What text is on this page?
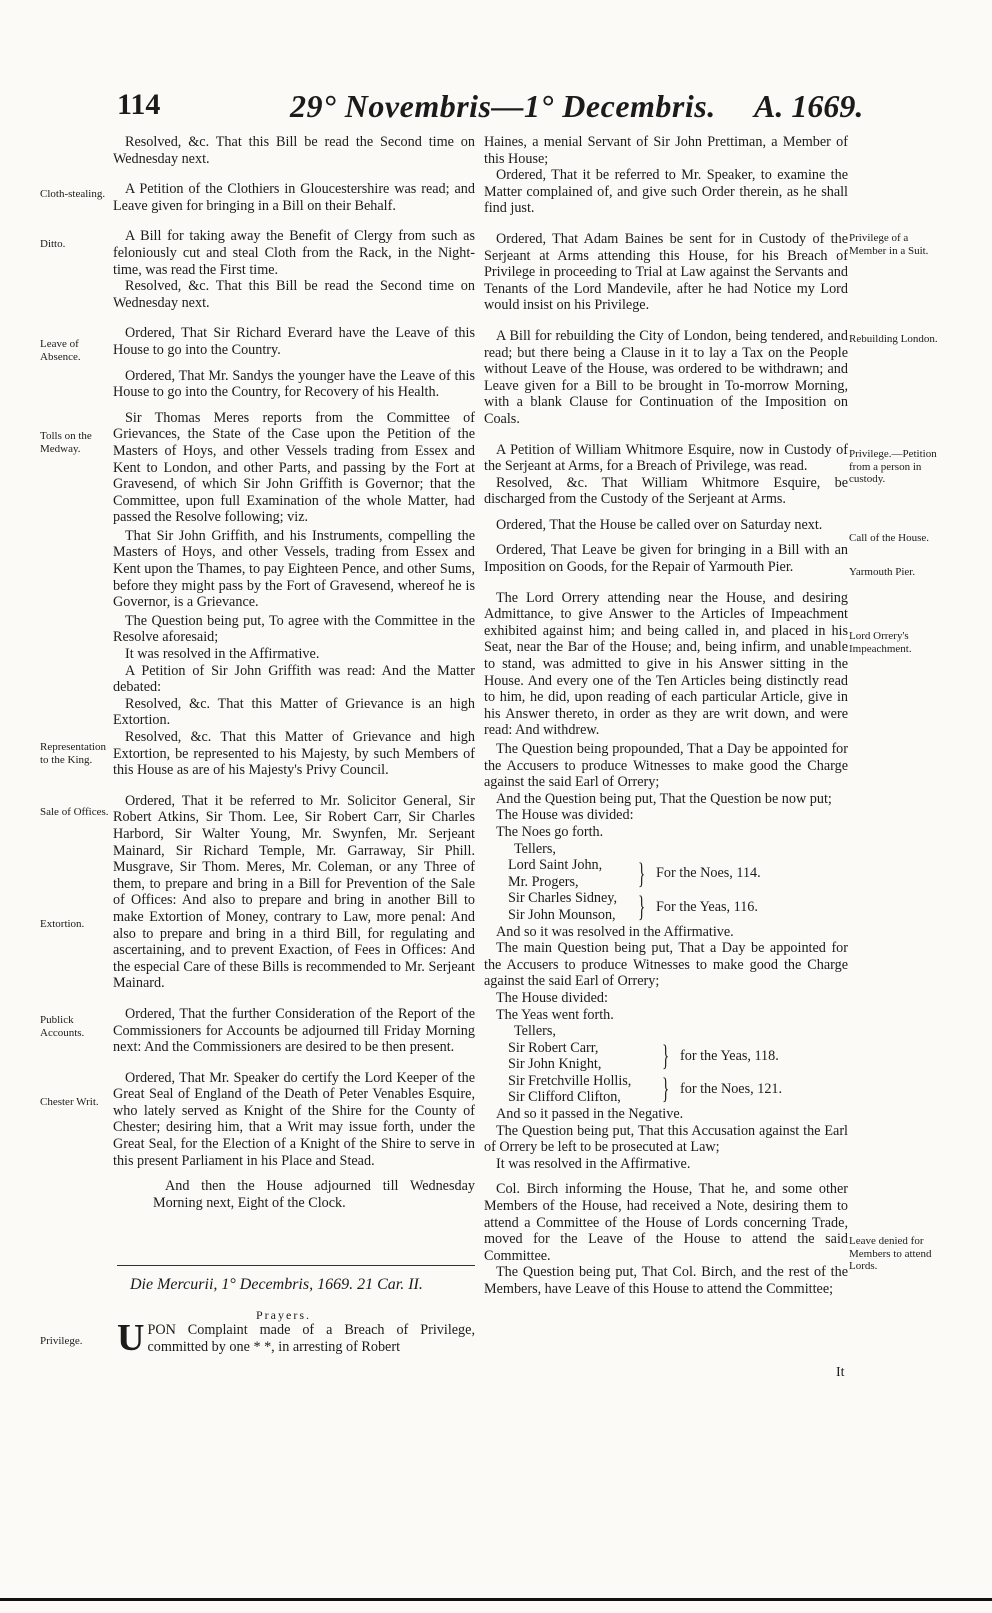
114	29° Novembris—1° Decembris. A. 1669.
Cloth-stealing.
Ditto.
Leave of Absence.
Tolls on the Medway.
Representation to the King.
Sale of Offices.
Extortion.
Publick Accounts.
Chester Writ.
Privilege.
Privilege of a Member in a Suit.
Rebuilding London.
Privilege.—Petition from a person in custody.
Call of the House.
Yarmouth Pier.
Lord Orrery's Impeachment.
Leave denied for Members to attend Lords.

Resolved, &c. That this Bill be read the Second time on Wednesday next.

A Petition of the Clothiers in Gloucestershire was read; and Leave given for bringing in a Bill on their Behalf.

A Bill for taking away the Benefit of Clergy from such as feloniously cut and steal Cloth from the Rack, in the Night-time, was read the First time.

Resolved, &c. That this Bill be read the Second time on Wednesday next.

Ordered, That Sir Richard Everard have the Leave of this House to go into the Country.

Ordered, That Mr. Sandys the younger have the Leave of this House to go into the Country, for Recovery of his Health.

Sir Thomas Meres reports from the Committee of Grievances, the State of the Case upon the Petition of the Masters of Hoys, and other Vessels trading from Essex and Kent to London, and other Parts, and passing by the Fort at Gravesend, of which Sir John Griffith is Governor; that the Committee, upon full Examination of the whole Matter, had passed the Resolve following; viz.

That Sir John Griffith, and his Instruments, compelling the Masters of Hoys, and other Vessels, trading from Essex and Kent upon the Thames, to pay Eighteen Pence, and other Sums, before they might pass by the Fort of Gravesend, whereof he is Governor, is a Grievance.

The Question being put, To agree with the Committee in the Resolve aforesaid;

It was resolved in the Affirmative.

A Petition of Sir John Griffith was read: And the Matter debated:

Resolved, &c. That this Matter of Grievance is an high Extortion.

Resolved, &c. That this Matter of Grievance and high Extortion, be represented to his Majesty, by such Members of this House as are of his Majesty's Privy Council.

Ordered, That it be referred to Mr. Solicitor General, Sir Robert Atkins, Sir Thom. Lee, Sir Robert Carr, Sir Charles Harbord, Sir Walter Young, Mr. Swynfen, Mr. Serjeant Mainard, Sir Richard Temple, Mr. Garraway, Sir Phill. Musgrave, Sir Thom. Meres, Mr. Coleman, or any Three of them, to prepare and bring in a Bill for Prevention of the Sale of Offices: And also to prepare and bring in another Bill to make Extortion of Money, contrary to Law, more penal: And also to prepare and bring in a third Bill, for regulating and ascertaining, and to prevent Exaction, of Fees in Offices: And the especial Care of these Bills is recommended to Mr. Serjeant Mainard.

Ordered, That the further Consideration of the Report of the Commissioners for Accounts be adjourned till Friday Morning next: And the Commissioners are desired to be then present.

Ordered, That Mr. Speaker do certify the Lord Keeper of the Great Seal of England of the Death of Peter Venables Esquire, who lately served as Knight of the Shire for the County of Chester; desiring him, that a Writ may issue forth, under the Great Seal, for the Election of a Knight of the Shire to serve in this present Parliament in his Place and Stead.

And then the House adjourned till Wednesday Morning next, Eight of the Clock.

Die Mercurii, 1° Decembris, 1669. 21 Car. II.
Prayers.

UPON Complaint made of a Breach of Privilege, committed by one * *, in arresting of Robert

Haines, a menial Servant of Sir John Prettiman, a Member of this House;

Ordered, That it be referred to Mr. Speaker, to examine the Matter complained of, and give such Order therein, as he shall find just.

Ordered, That Adam Baines be sent for in Custody of the Serjeant at Arms attending this House, for his Breach of Privilege in proceeding to Trial at Law against the Servants and Tenants of the Lord Mandevile, after he had Notice my Lord would insist on his Privilege.

A Bill for rebuilding the City of London, being tendered, and read; but there being a Clause in it to lay a Tax on the People without Leave of the House, was ordered to be withdrawn; and Leave given for a Bill to be brought in To-morrow Morning, with a blank Clause for Continuation of the Imposition on Coals.

A Petition of William Whitmore Esquire, now in Custody of the Serjeant at Arms, for a Breach of Privilege, was read.

Resolved, &c. That William Whitmore Esquire, be discharged from the Custody of the Serjeant at Arms.

Ordered, That the House be called over on Saturday next.

Ordered, That Leave be given for bringing in a Bill with an Imposition on Goods, for the Repair of Yarmouth Pier.

The Lord Orrery attending near the House, and desiring Admittance, to give Answer to the Articles of Impeachment exhibited against him; and being called in, and placed in his Seat, near the Bar of the House; and, being infirm, and unable to stand, was admitted to give in his Answer sitting in the House. And every one of the Ten Articles being distinctly read to him, he did, upon reading of each particular Article, give in his Answer thereto, in order as they are writ down, and were read: And withdrew.

The Question being propounded, That a Day be appointed for the Accusers to produce Witnesses to make good the Charge against the said Earl of Orrery;

And the Question being put, That the Question be now put;

The House was divided:

The Noes go forth.

Tellers,

Lord Saint John,
Mr. Progers,	} For the Noes, 114.
Sir Charles Sidney,
Sir John Mounson, } For the Yeas, 116.

And so it was resolved in the Affirmative.

The main Question being put, That a Day be appointed for the Accusers to produce Witnesses to make good the Charge against the said Earl of Orrery;

The House divided:

The Yeas went forth.

Tellers,

Sir Robert Carr,
Sir John Knight,	} for the Yeas, 118.
Sir Fretchville Hollis,
Sir Clifford Clifton,	} for the Noes, 121.

And so it passed in the Negative.

The Question being put, That this Accusation against the Earl of Orrery be left to be prosecuted at Law;

It was resolved in the Affirmative.

Col. Birch informing the House, That he, and some other Members of the House, had received a Note, desiring them to attend a Committee of the House of Lords concerning Trade, moved for the Leave of the House to attend the said Committee.

The Question being put, That Col. Birch, and the rest of the Members, have Leave of this House to attend the Committee;

It
